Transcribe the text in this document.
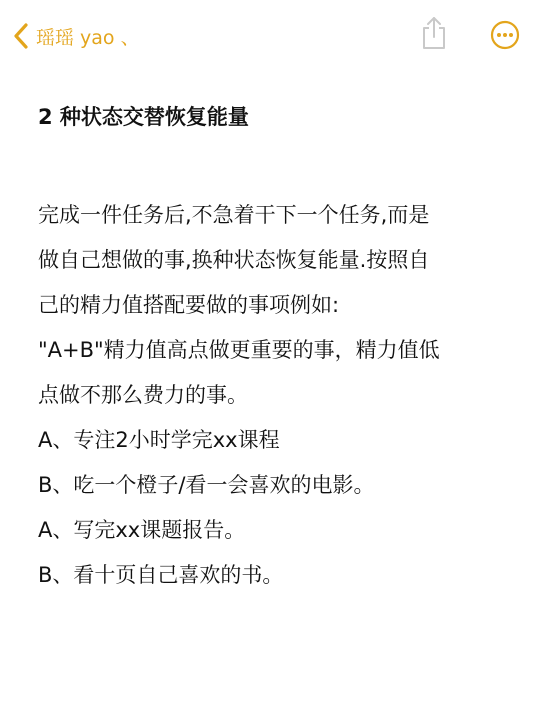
瑶瑶 yao 、
2 种状态交替恢复能量
完成一件任务后,不急着干下一个任务,而是
做自己想做的事,换种状态恢复能量.按照自
己的精力值搭配要做的事项例如:
"A+B"精力值高点做更重要的事，精力值低
点做不那么费力的事。
A、专注2小时学完xx课程
B、吃一个橙子/看一会喜欢的电影。
A、写完xx课题报告。
B、看十页自己喜欢的书。
